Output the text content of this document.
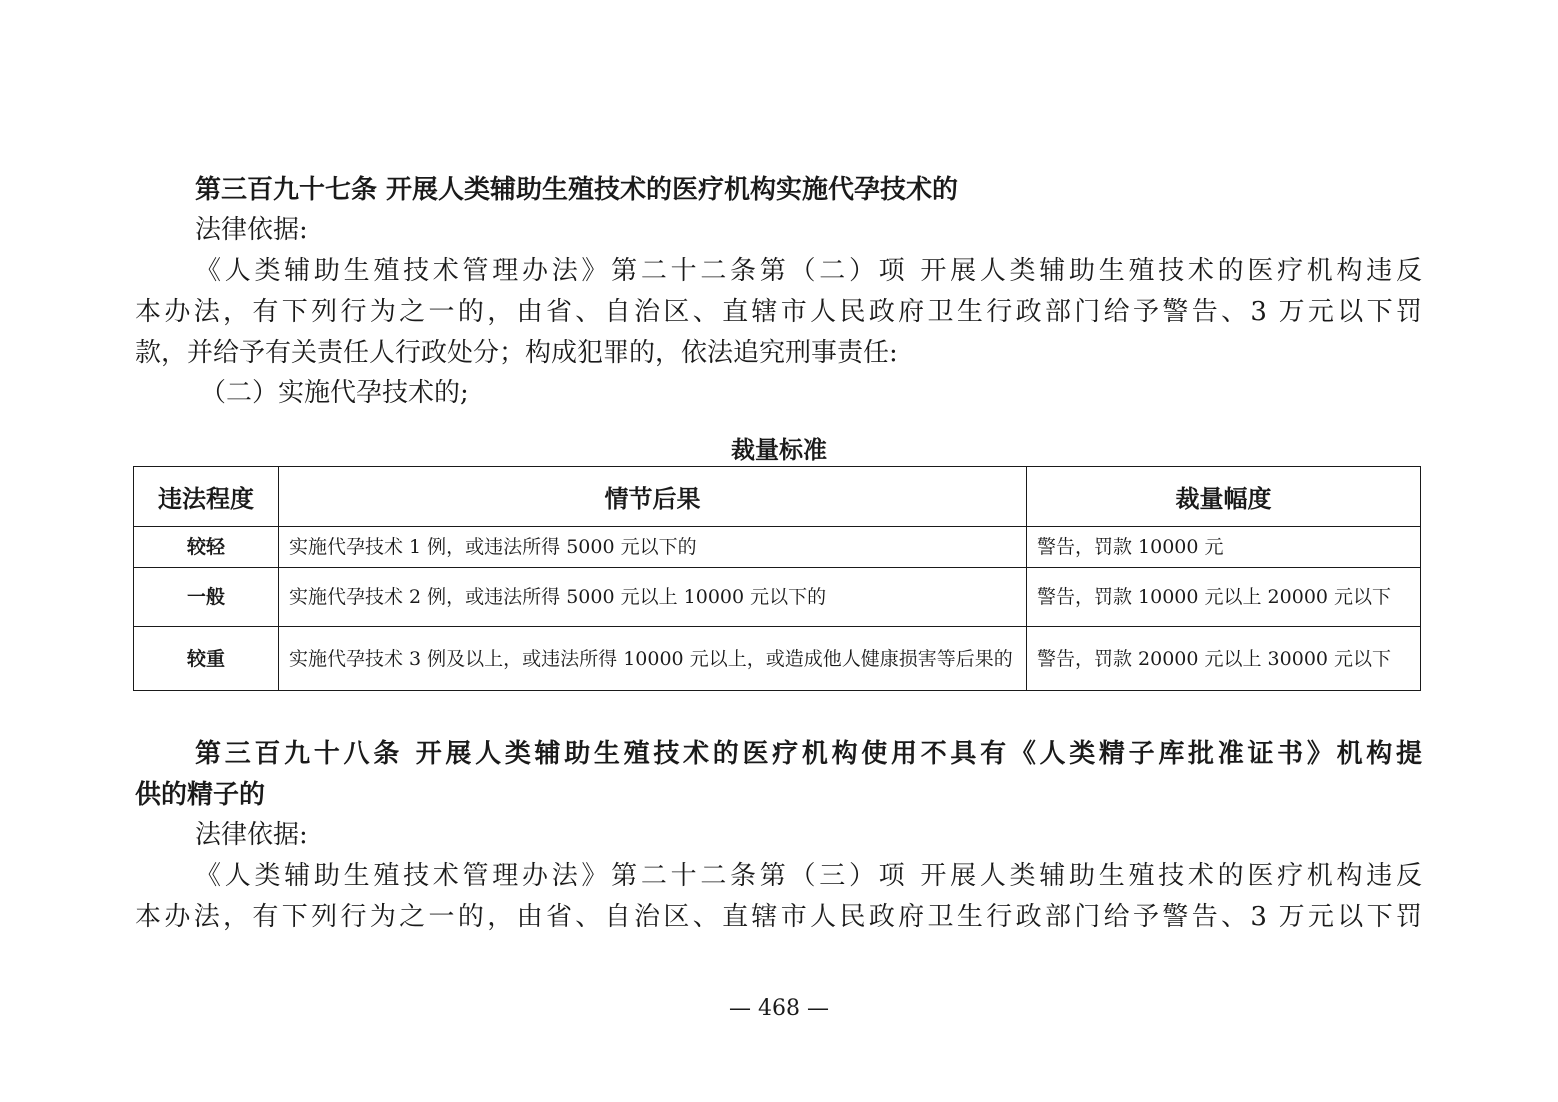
第三百九十七条 开展人类辅助生殖技术的医疗机构实施代孕技术的
法律依据:
《人类辅助生殖技术管理办法》第二十二条第（二）项 开展人类辅助生殖技术的医疗机构违反
本办法，有下列行为之一的，由省、自治区、直辖市人民政府卫生行政部门给予警告、3 万元以下罚
款，并给予有关责任人行政处分；构成犯罪的，依法追究刑事责任:
（二）实施代孕技术的;
裁量标准
违法程度	情节后果	裁量幅度
较轻	实施代孕技术 1 例，或违法所得 5000 元以下的	警告，罚款 10000 元
一般	实施代孕技术 2 例，或违法所得 5000 元以上 10000 元以下的	警告，罚款 10000 元以上 20000 元以下
较重	实施代孕技术 3 例及以上，或违法所得 10000 元以上，或造成他人健康损害等后果的	警告，罚款 20000 元以上 30000 元以下
第三百九十八条 开展人类辅助生殖技术的医疗机构使用不具有《人类精子库批准证书》机构提
供的精子的
法律依据:
《人类辅助生殖技术管理办法》第二十二条第（三）项 开展人类辅助生殖技术的医疗机构违反
本办法，有下列行为之一的，由省、自治区、直辖市人民政府卫生行政部门给予警告、3 万元以下罚
— 468 —
